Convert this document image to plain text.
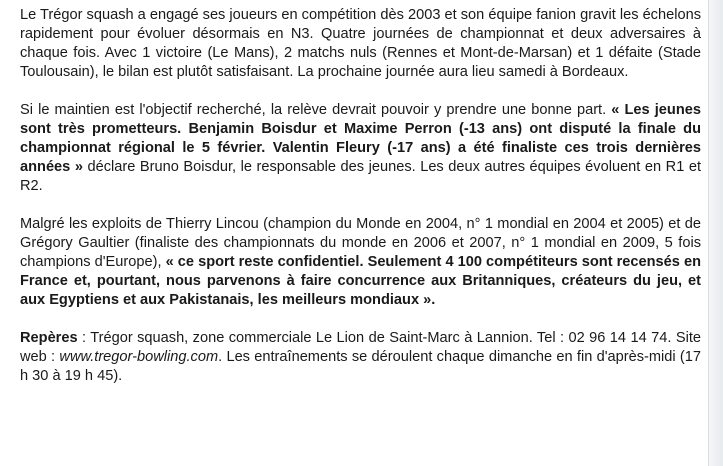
Le Trégor squash a engagé ses joueurs en compétition dès 2003 et son équipe fanion gravit les échelons rapidement pour évoluer désormais en N3. Quatre journées de championnat et deux adversaires à chaque fois. Avec 1 victoire (Le Mans), 2 matchs nuls (Rennes et Mont-de-Marsan) et 1 défaite (Stade Toulousain), le bilan est plutôt satisfaisant. La prochaine journée aura lieu samedi à Bordeaux.

Si le maintien est l'objectif recherché, la relève devrait pouvoir y prendre une bonne part. « Les jeunes sont très prometteurs. Benjamin Boisdur et Maxime Perron (-13 ans) ont disputé la finale du championnat régional le 5 février. Valentin Fleury (-17 ans) a été finaliste ces trois dernières années » déclare Bruno Boisdur, le responsable des jeunes. Les deux autres équipes évoluent en R1 et R2.

Malgré les exploits de Thierry Lincou (champion du Monde en 2004, n° 1 mondial en 2004 et 2005) et de Grégory Gaultier (finaliste des championnats du monde en 2006 et 2007, n° 1 mondial en 2009, 5 fois champions d'Europe), « ce sport reste confidentiel. Seulement 4 100 compétiteurs sont recensés en France et, pourtant, nous parvenons à faire concurrence aux Britanniques, créateurs du jeu, et aux Egyptiens et aux Pakistanais, les meilleurs mondiaux ».

Repères : Trégor squash, zone commerciale Le Lion de Saint-Marc à Lannion. Tel : 02 96 14 14 74. Site web : www.tregor-bowling.com. Les entraînements se déroulent chaque dimanche en fin d'après-midi (17 h 30 à 19 h 45).
